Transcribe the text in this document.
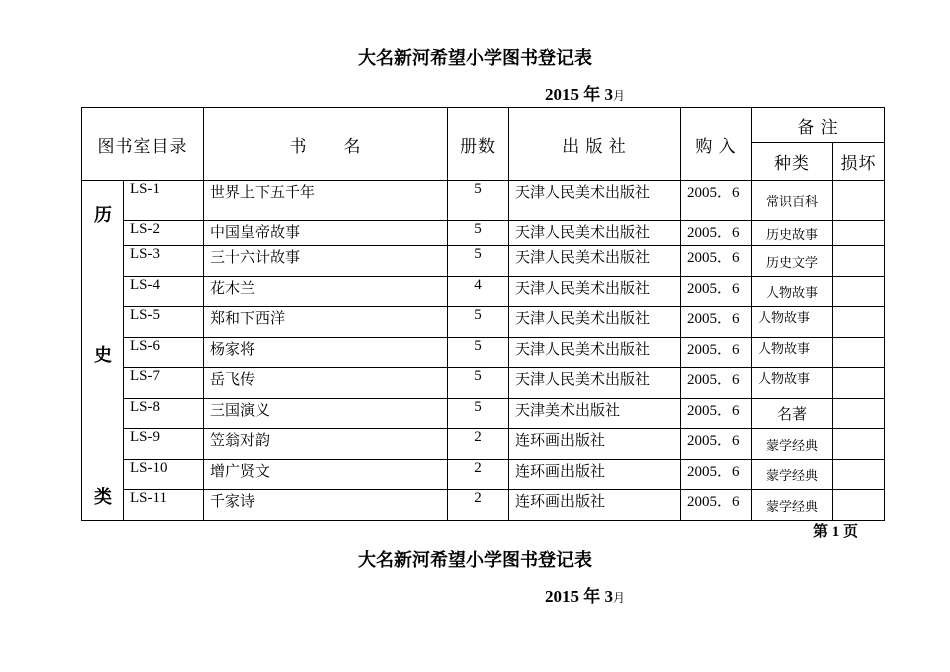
大名新河希望小学图书登记表
2015 年 3月
图书室目录		书　　名	册数	出 版 社	购 入	备 注	
						种类	损坏

历
史
类	LS-1	世界上下五千年	5	天津人民美术出版社	2005．6	常识百科	
	LS-2	中国皇帝故事	5	天津人民美术出版社	2005．6	历史故事	
	LS-3	三十六计故事	5	天津人民美术出版社	2005．6	历史文学	
	LS-4	花木兰	4	天津人民美术出版社	2005．6	人物故事	
	LS-5	郑和下西洋	5	天津人民美术出版社	2005．6	人物故事	
	LS-6	杨家将	5	天津人民美术出版社	2005．6	人物故事	
	LS-7	岳飞传	5	天津人民美术出版社	2005．6	人物故事	
	LS-8	三国演义	5	天津美术出版社	2005．6	名著	
	LS-9	笠翁对韵	2	连环画出版社	2005．6	蒙学经典	
	LS-10	增广贤文	2	连环画出版社	2005．6	蒙学经典	
	LS-11	千家诗	2	连环画出版社	2005．6	蒙学经典	
第 1 页
大名新河希望小学图书登记表
2015 年 3月
